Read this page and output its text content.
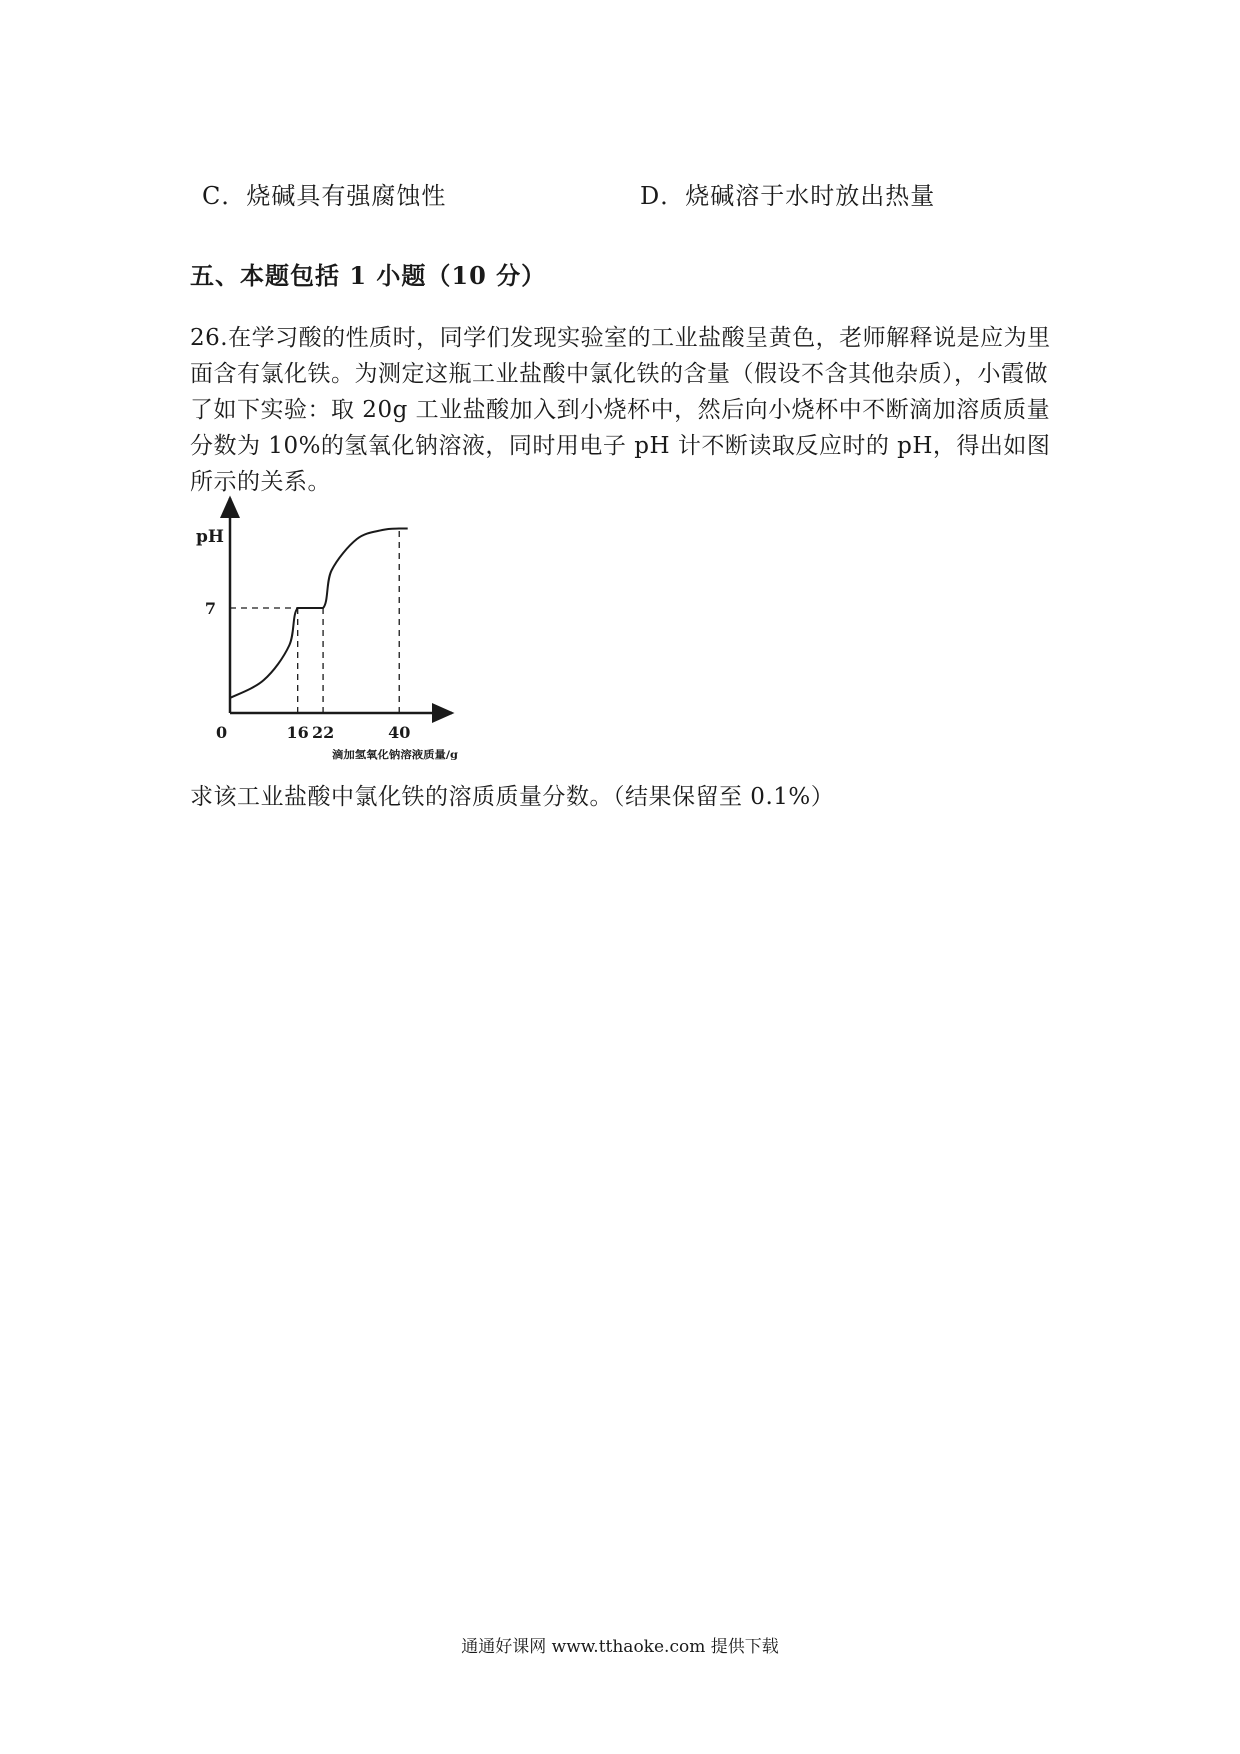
C．烧碱具有强腐蚀性	D．烧碱溶于水时放出热量
五、本题包括 1 小题（10 分）
26.在学习酸的性质时，同学们发现实验室的工业盐酸呈黄色，老师解释说是应为里面含有氯化铁。为测定这瓶工业盐酸中氯化铁的含量（假设不含其他杂质），小霞做了如下实验：取 20g 工业盐酸加入到小烧杯中，然后向小烧杯中不断滴加溶质质量分数为 10%的氢氧化钠溶液，同时用电子 pH 计不断读取反应时的 pH，得出如图所示的关系。
pH
0
滴加氢氧化钠溶液质量/g
16 22	40
7
求该工业盐酸中氯化铁的溶质质量分数。（结果保留至 0.1%）
通通好课网 www.tthaoke.com 提供下载
